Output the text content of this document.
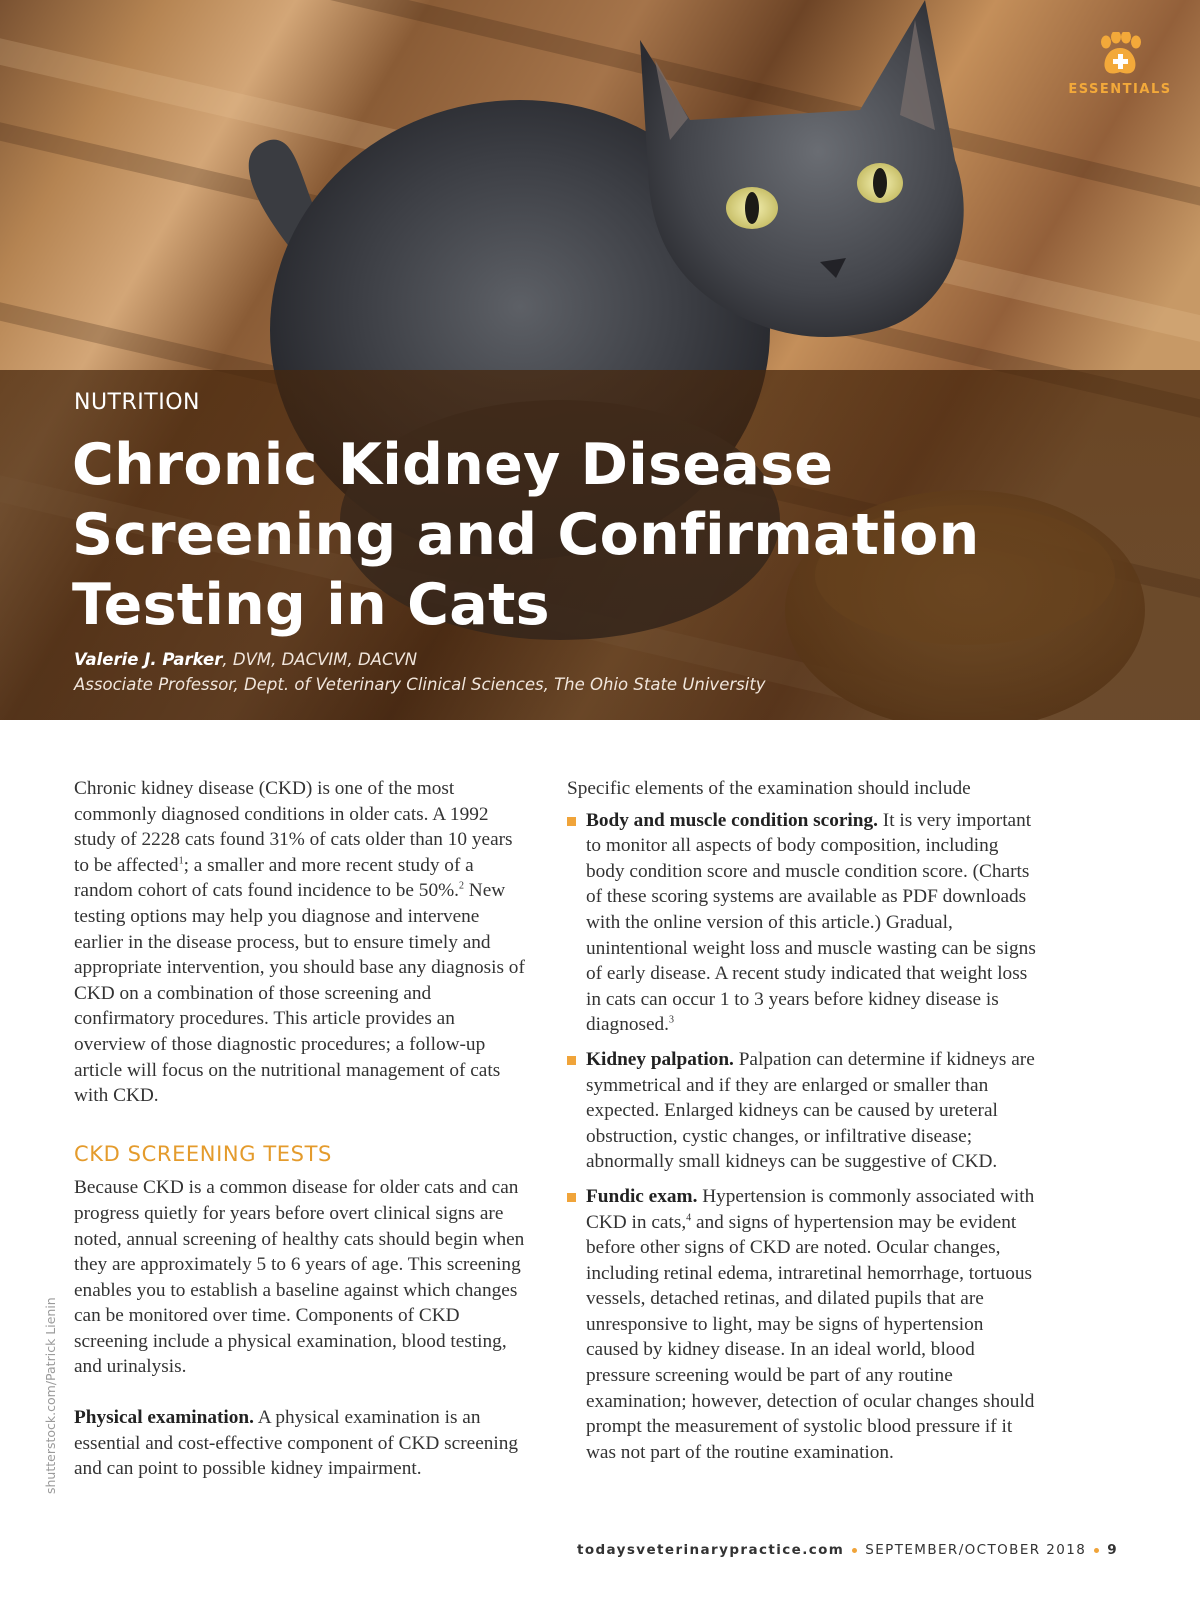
ESSENTIALS
NUTRITION
Chronic Kidney Disease
Screening and Confirmation
Testing in Cats
Valerie J. Parker, DVM, DACVIM, DACVN
Associate Professor, Dept. of Veterinary Clinical Sciences, The Ohio State University

Chronic kidney disease (CKD) is one of the most commonly diagnosed conditions in older cats. A 1992 study of 2228 cats found 31% of cats older than 10 years to be affected$^1$; a smaller and more recent study of a random cohort of cats found incidence to be 50%.$^2$ New testing options may help you diagnose and intervene earlier in the disease process, but to ensure timely and appropriate intervention, you should base any diagnosis of CKD on a combination of those screening and confirmatory procedures. This article provides an overview of those diagnostic procedures; a follow-up article will focus on the nutritional management of cats with CKD.

CKD SCREENING TESTS

Because CKD is a common disease for older cats and can progress quietly for years before overt clinical signs are noted, annual screening of healthy cats should begin when they are approximately 5 to 6 years of age. This screening enables you to establish a baseline against which changes can be monitored over time. Components of CKD screening include a physical examination, blood testing, and urinalysis.

Physical examination. A physical examination is an essential and cost-effective component of CKD screening and can point to possible kidney impairment.

Specific elements of the examination should include

Body and muscle condition scoring. It is very important to monitor all aspects of body composition, including body condition score and muscle condition score. (Charts of these scoring systems are available as PDF downloads with the online version of this article.) Gradual, unintentional weight loss and muscle wasting can be signs of early disease. A recent study indicated that weight loss in cats can occur 1 to 3 years before kidney disease is diagnosed.$^3$
Kidney palpation. Palpation can determine if kidneys are symmetrical and if they are enlarged or smaller than expected. Enlarged kidneys can be caused by ureteral obstruction, cystic changes, or infiltrative disease; abnormally small kidneys can be suggestive of CKD.
Fundic exam. Hypertension is commonly associated with CKD in cats,$^4$ and signs of hypertension may be evident before other signs of CKD are noted. Ocular changes, including retinal edema, intraretinal hemorrhage, tortuous vessels, detached retinas, and dilated pupils that are unresponsive to light, may be signs of hypertension caused by kidney disease. In an ideal world, blood pressure screening would be part of any routine examination; however, detection of ocular changes should prompt the measurement of systolic blood pressure if it was not part of the routine examination.
shutterstock.com/Patrick Lienin
todaysveterinarypractice.com SEPTEMBER/OCTOBER 2018 9
